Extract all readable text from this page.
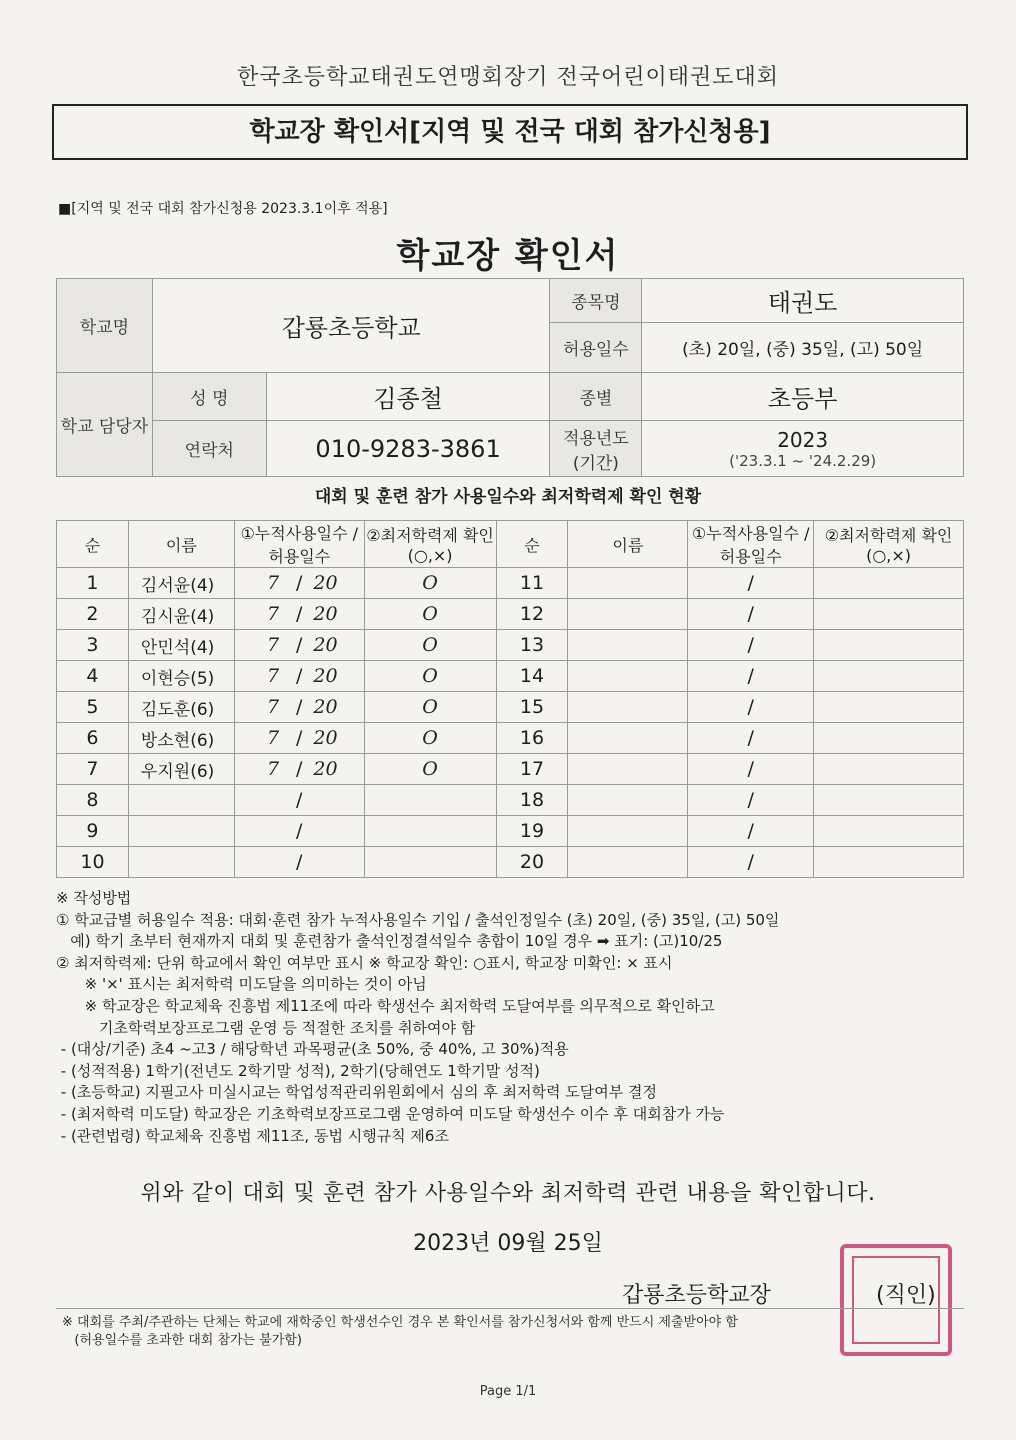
한국초등학교태권도연맹회장기 전국어린이태권도대회
학교장 확인서[지역 및 전국 대회 참가신청용]
■[지역 및 전국 대회 참가신청용 2023.3.1이후 적용]
학교장 확인서
학교명	갑룡초등학교		종목명	태권도
			허용일수	(초) 20일, (중) 35일, (고) 50일
학교 담당자	성 명	김종철	종별	초등부
	연락처	010-9283-3861	적용년도 (기간)	2023
('23.3.1 ~ '24.2.29)
대회 및 훈련 참가 사용일수와 최저학력제 확인 현황
순	이름	①누적사용일수 /허용일수	②최저학력제 확인(○,×)	순	이름	①누적사용일수 /허용일수	②최저학력제 확인(○,×)

1	김서윤(4)	7 / 20	O	11		/	
2	김시윤(4)	7 / 20	O	12		/	
3	안민석(4)	7 / 20	O	13		/	
4	이현승(5)	7 / 20	O	14		/	
5	김도훈(6)	7 / 20	O	15		/	
6	방소현(6)	7 / 20	O	16		/	
7	우지원(6)	7 / 20	O	17		/	
8		/		18		/	
9		/		19		/	
10		/		20		/	
※ 작성방법
① 학교급별 허용일수 적용: 대회·훈련 참가 누적사용일수 기입 / 출석인정일수 (초) 20일, (중) 35일, (고) 50일
예) 학기 초부터 현재까지 대회 및 훈련참가 출석인정결석일수 총합이 10일 경우 ➡ 표기: (고)10/25
② 최저학력제: 단위 학교에서 확인 여부만 표시 ※ 학교장 확인: ○표시, 학교장 미확인: × 표시
※ '×' 표시는 최저학력 미도달을 의미하는 것이 아님
※ 학교장은 학교체육 진흥법 제11조에 따라 학생선수 최저학력 도달여부를 의무적으로 확인하고
기초학력보장프로그램 운영 등 적절한 조치를 취하여야 함
- (대상/기준) 초4 ~고3 / 해당학년 과목평균(초 50%, 중 40%, 고 30%)적용
- (성적적용) 1학기(전년도 2학기말 성적), 2학기(당해연도 1학기말 성적)
- (초등학교) 지필고사 미실시교는 학업성적관리위원회에서 심의 후 최저학력 도달여부 결정
- (최저학력 미도달) 학교장은 기초학력보장프로그램 운영하여 미도달 학생선수 이수 후 대회참가 가능
- (관련법령) 학교체육 진흥법 제11조, 동법 시행규칙 제6조
위와 같이 대회 및 훈련 참가 사용일수와 최저학력 관련 내용을 확인합니다.
2023년 09월 25일
갑룡초등학교장	(직인)
※ 대회를 주최/주관하는 단체는 학교에 재학중인 학생선수인 경우 본 확인서를 참가신청서와 함께 반드시 제출받아야 함
(허용일수를 초과한 대회 참가는 불가함)
Page 1/1
